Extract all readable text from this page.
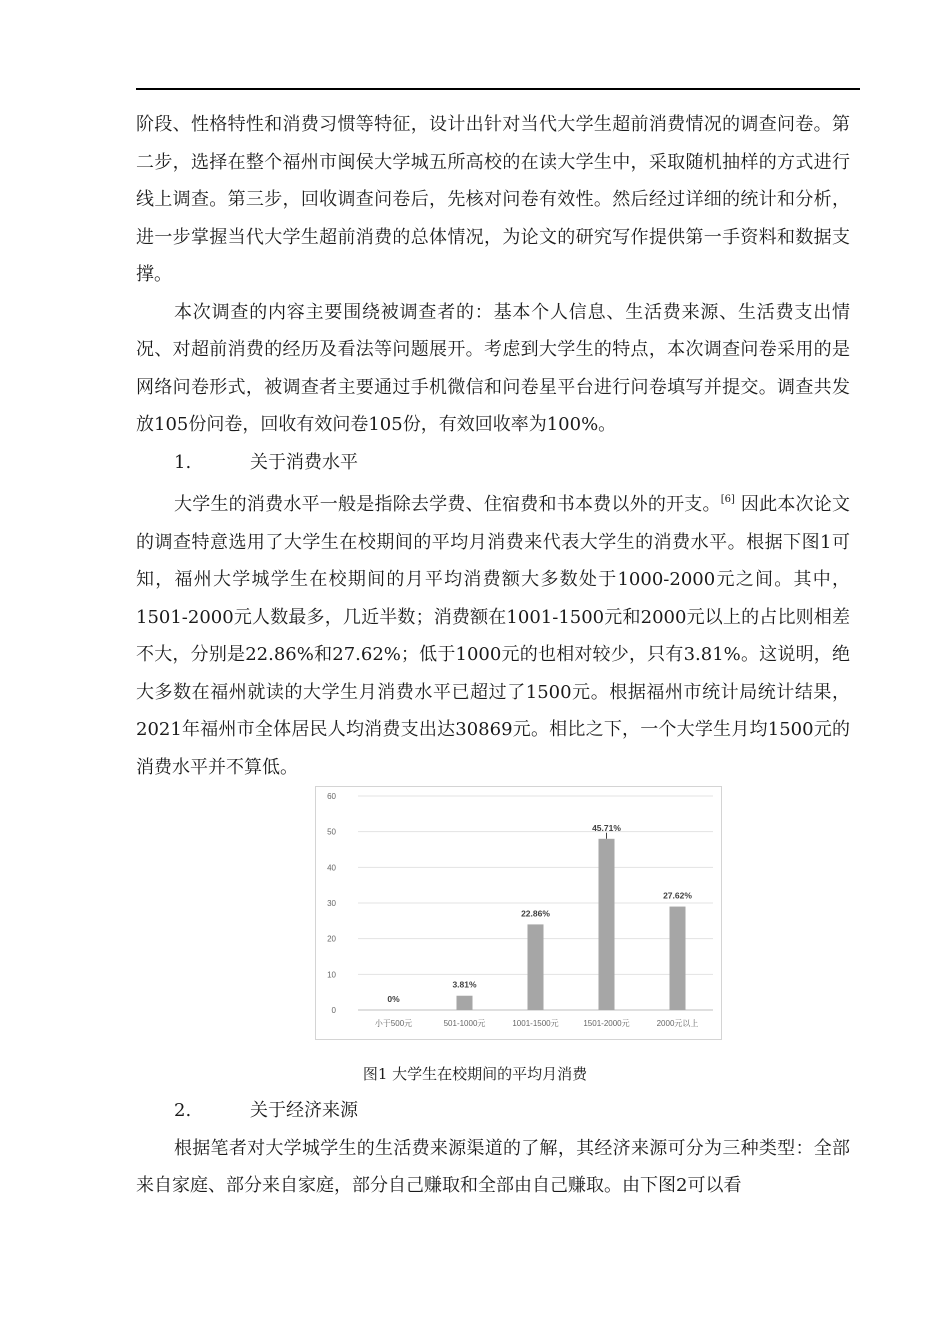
阶段、性格特性和消费习惯等特征，设计出针对当代大学生超前消费情况的调查问卷。第二步，选择在整个福州市闽侯大学城五所高校的在读大学生中，采取随机抽样的方式进行线上调查。第三步，回收调查问卷后，先核对问卷有效性。然后经过详细的统计和分析，进一步掌握当代大学生超前消费的总体情况，为论文的研究写作提供第一手资料和数据支撑。

本次调查的内容主要围绕被调查者的：基本个人信息、生活费来源、生活费支出情况、对超前消费的经历及看法等问题展开。考虑到大学生的特点，本次调查问卷采用的是网络问卷形式，被调查者主要通过手机微信和问卷星平台进行问卷填写并提交。调查共发放105份问卷，回收有效问卷105份，有效回收率为100%。

1.	关于消费水平

大学生的消费水平一般是指除去学费、住宿费和书本费以外的开支。[6] 因此本次论文的调查特意选用了大学生在校期间的平均月消费来代表大学生的消费水平。根据下图1可知，福州大学城学生在校期间的月平均消费额大多数处于1000-2000元之间。其中，1501-2000元人数最多，几近半数；消费额在1001-1500元和2000元以上的占比则相差不大，分别是22.86%和27.62%；低于1000元的也相对较少，只有3.81%。这说明，绝大多数在福州就读的大学生月消费水平已超过了1500元。根据福州市统计局统计结果，2021年福州市全体居民人均消费支出达30869元。相比之下，一个大学生月均1500元的消费水平并不算低。

0
10
20
30
40
50
60
0%
小于500元
3.81%
501-1000元
22.86%
1001-1500元
45.71%
1501-2000元
27.62%
2000元以上
图1 大学生在校期间的平均月消费

2.	关于经济来源

根据笔者对大学城学生的生活费来源渠道的了解，其经济来源可分为三种类型：全部来自家庭、部分来自家庭，部分自己赚取和全部由自己赚取。由下图2可以看
